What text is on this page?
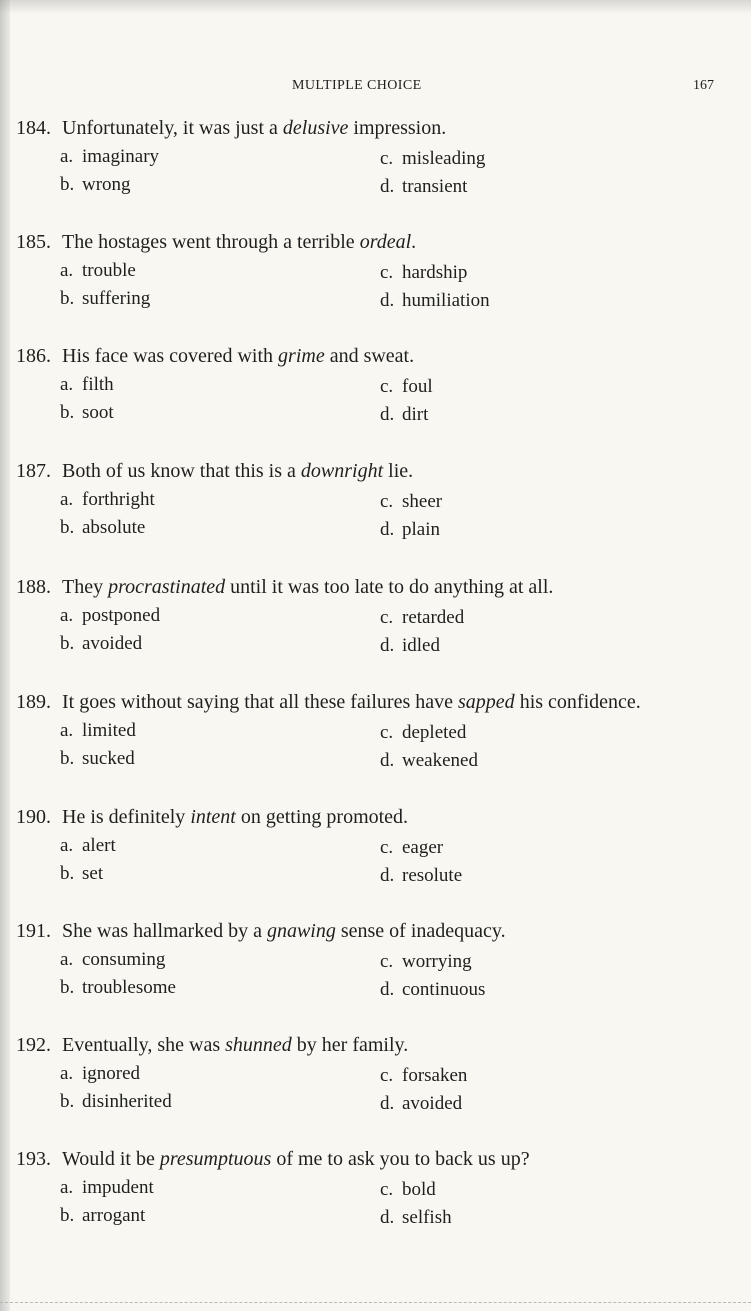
MULTIPLE CHOICE	167
184. Unfortunately, it was just a delusive impression.
a. imaginary
b. wrong
c. misleading
d. transient
185. The hostages went through a terrible ordeal.
a. trouble
b. suffering
c. hardship
d. humiliation
186. His face was covered with grime and sweat.
a. filth
b. soot
c. foul
d. dirt
187. Both of us know that this is a downright lie.
a. forthright
b. absolute
c. sheer
d. plain
188. They procrastinated until it was too late to do anything at all.
a. postponed
b. avoided
c. retarded
d. idled
189. It goes without saying that all these failures have sapped his confidence.
a. limited
b. sucked
c. depleted
d. weakened
190. He is definitely intent on getting promoted.
a. alert
b. set
c. eager
d. resolute
191. She was hallmarked by a gnawing sense of inadequacy.
a. consuming
b. troublesome
c. worrying
d. continuous
192. Eventually, she was shunned by her family.
a. ignored
b. disinherited
c. forsaken
d. avoided
193. Would it be presumptuous of me to ask you to back us up?
a. impudent
b. arrogant
c. bold
d. selfish
